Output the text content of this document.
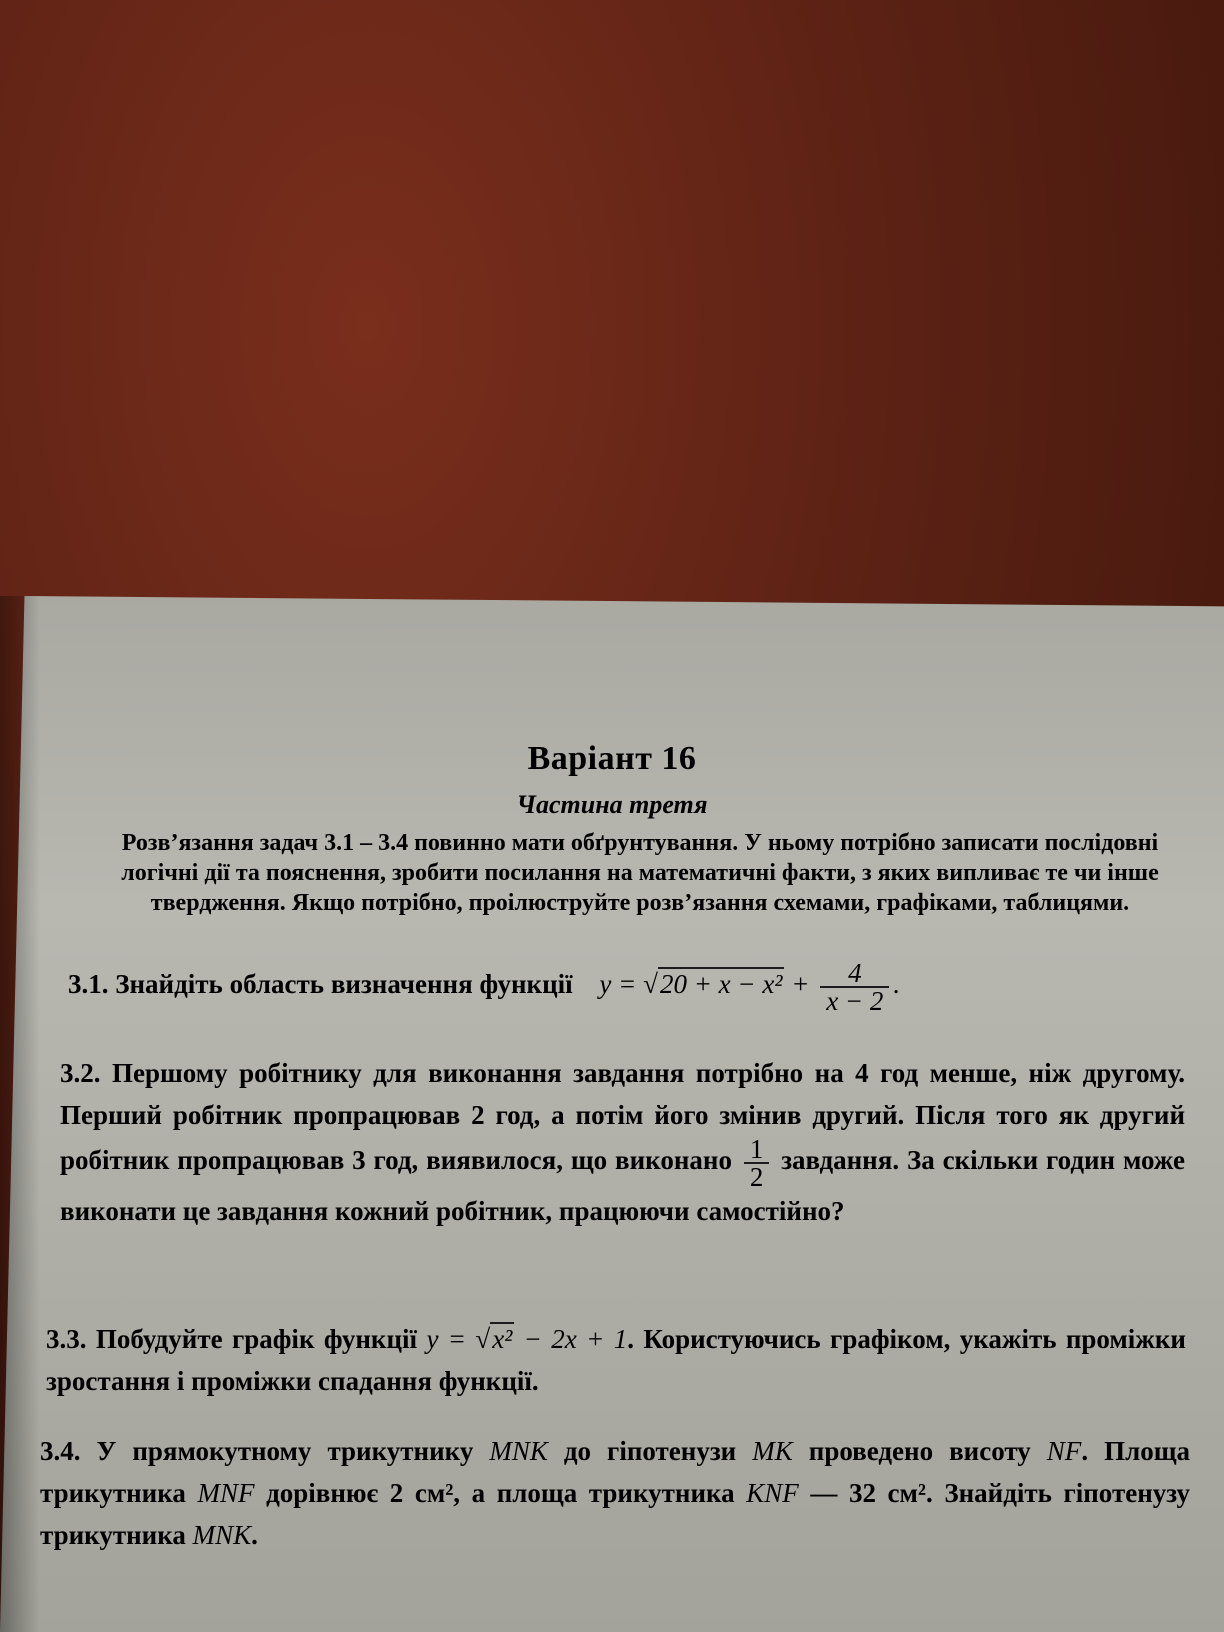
Варіант 16
Частина третя
Розв’язання задач 3.1 – 3.4 повинно мати обґрунтування. У ньому потрібно записати послідовні логічні дії та пояснення, зробити посилання на математичні факти, з яких випливає те чи інше твердження. Якщо потрібно, проілюструйте розв’язання схемами, графіками, таблицями.
3.1. Знайдіть область визначення функції $y = √20 + x - x^2 + \frac{4}{x - 2}$ .
3.2. Першому робітнику для виконання завдання потрібно на 4 год менше, ніж другому. Перший робітник пропрацював 2 год, а потім його змінив другий. Після того як другий робітник пропрацював 3 год, виявилося, що виконано $\frac{1}{2}$ завдання. За скільки годин може виконати це завдання кожний робітник, працюючи самостійно?
3.3. Побудуйте графік функції y = √x² − 2x + 1. Користуючись графіком, укажіть проміжки зростання і проміжки спадання функції.
3.4. У прямокутному трикутнику MNK до гіпотенузи MK проведено висоту NF. Площа трикутника MNF дорівнює 2 см², а площа трикутника KNF — 32 см². Знайдіть гіпотенузу трикутника MNK.
